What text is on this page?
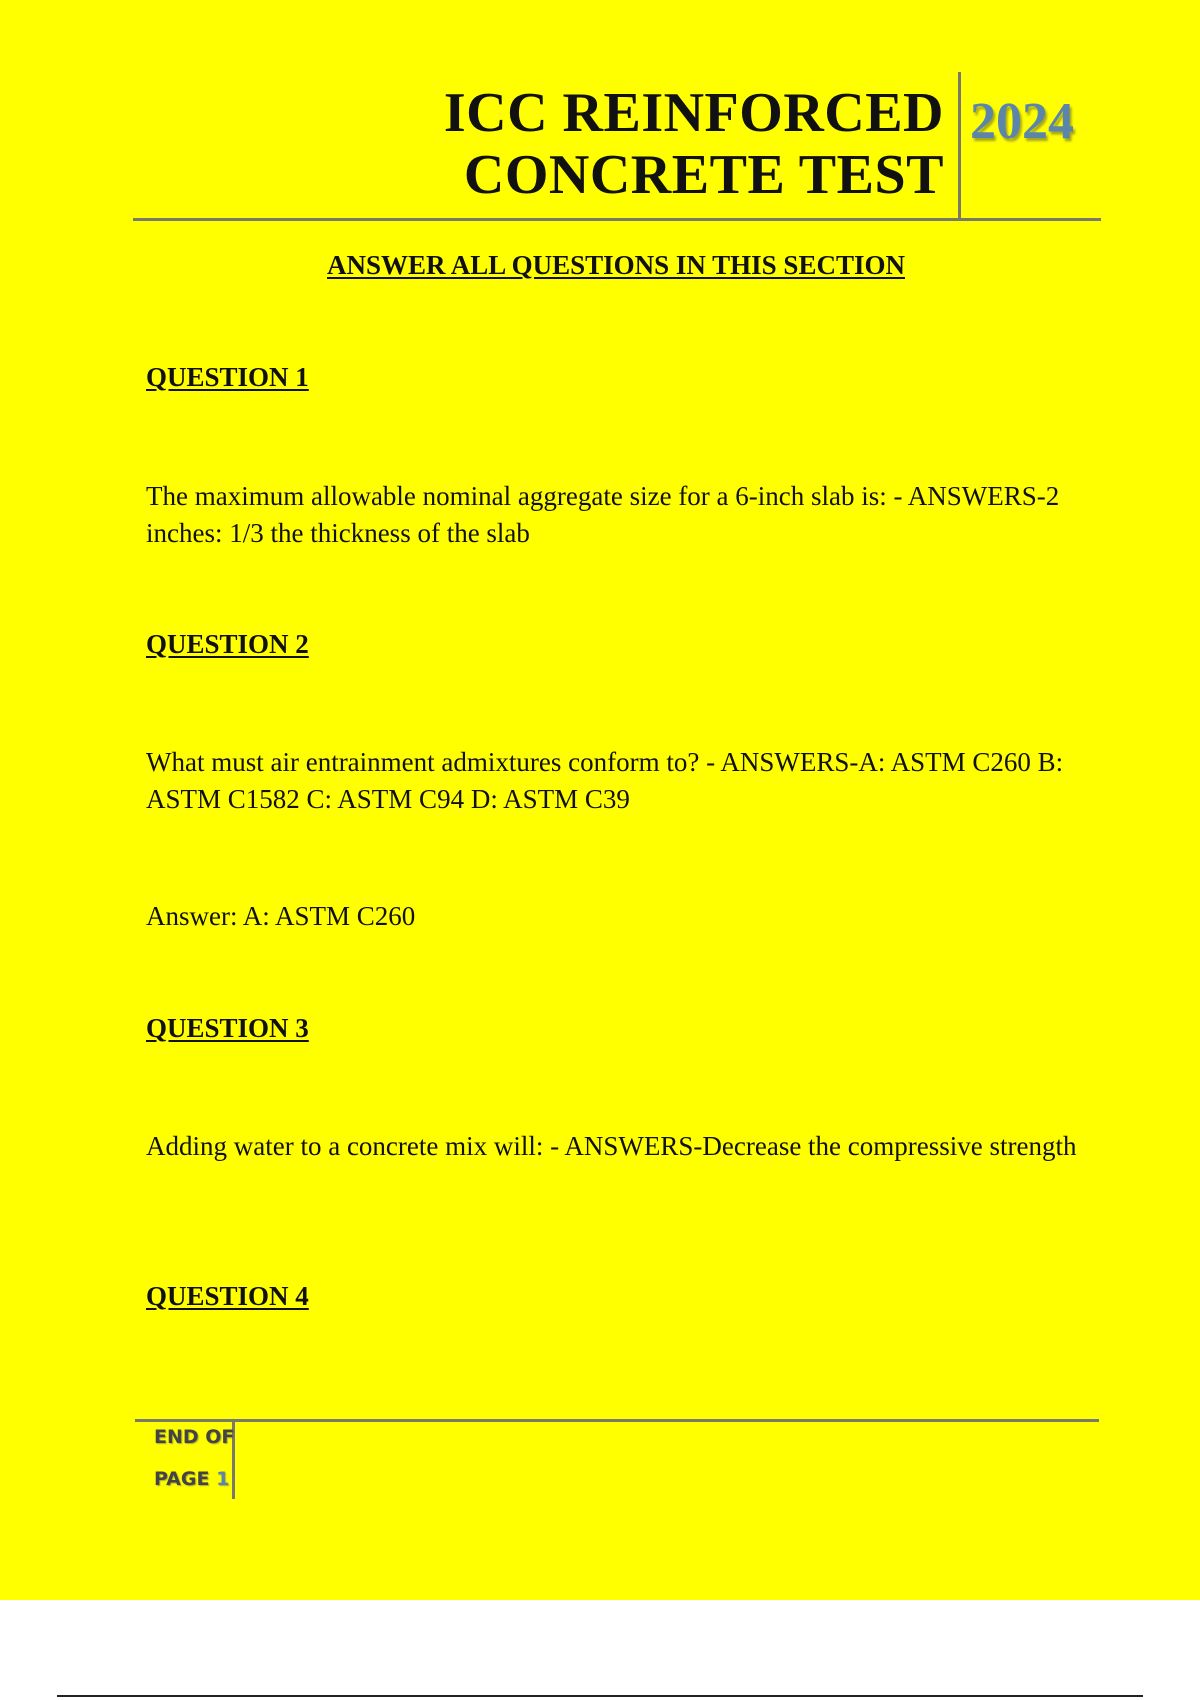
ICC REINFORCED
CONCRETE TEST
2024
ANSWER ALL QUESTIONS IN THIS SECTION
QUESTION 1
The maximum allowable nominal aggregate size for a 6-inch slab is: - ANSWERS-2 inches: 1/3 the thickness of the slab
QUESTION 2
What must air entrainment admixtures conform to? - ANSWERS-A: ASTM C260 B: ASTM C1582 C: ASTM C94 D: ASTM C39
Answer: A: ASTM C260
QUESTION 3
Adding water to a concrete mix will: - ANSWERS-Decrease the compressive strength
QUESTION 4
END OF
PAGE 1
